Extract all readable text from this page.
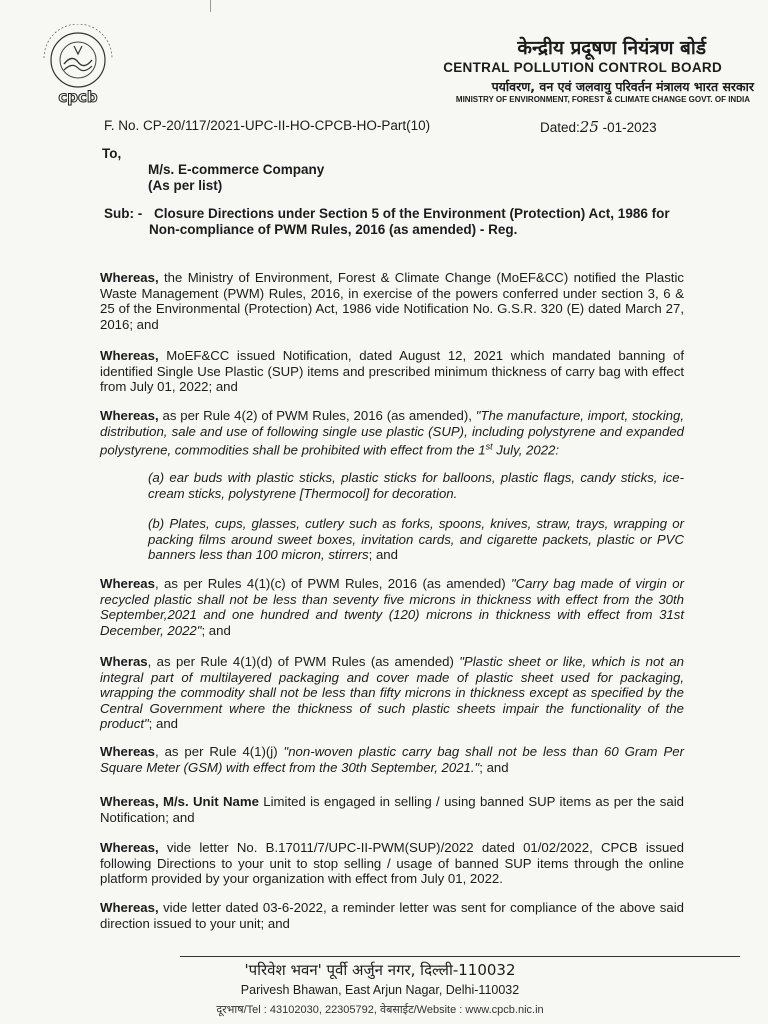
cpcb
केन्द्रीय प्रदूषण नियंत्रण बोर्ड
CENTRAL POLLUTION CONTROL BOARD
पर्यावरण, वन एवं जलवायु परिवर्तन मंत्रालय भारत सरकार
MINISTRY OF ENVIRONMENT, FOREST & CLIMATE CHANGE GOVT. OF INDIA
F. No. CP-20/117/2021-UPC-II-HO-CPCB-HO-Part(10)	Dated:25 -01-2023
To,
M/s. E-commerce Company
(As per list)
Sub: - Closure Directions under Section 5 of the Environment (Protection) Act, 1986 for
Non-compliance of PWM Rules, 2016 (as amended) - Reg.
Whereas, the Ministry of Environment, Forest & Climate Change (MoEF&CC) notified the Plastic Waste Management (PWM) Rules, 2016, in exercise of the powers conferred under section 3, 6 & 25 of the Environmental (Protection) Act, 1986 vide Notification No. G.S.R. 320 (E) dated March 27, 2016; and
Whereas, MoEF&CC issued Notification, dated August 12, 2021 which mandated banning of identified Single Use Plastic (SUP) items and prescribed minimum thickness of carry bag with effect from July 01, 2022; and
Whereas, as per Rule 4(2) of PWM Rules, 2016 (as amended), "The manufacture, import, stocking, distribution, sale and use of following single use plastic (SUP), including polystyrene and expanded polystyrene, commodities shall be prohibited with effect from the 1st July, 2022:
(a) ear buds with plastic sticks, plastic sticks for balloons, plastic flags, candy sticks, ice-cream sticks, polystyrene [Thermocol] for decoration.
(b) Plates, cups, glasses, cutlery such as forks, spoons, knives, straw, trays, wrapping or packing films around sweet boxes, invitation cards, and cigarette packets, plastic or PVC banners less than 100 micron, stirrers; and
Whereas, as per Rules 4(1)(c) of PWM Rules, 2016 (as amended) "Carry bag made of virgin or recycled plastic shall not be less than seventy five microns in thickness with effect from the 30th September,2021 and one hundred and twenty (120) microns in thickness with effect from 31st December, 2022"; and
Wheras, as per Rule 4(1)(d) of PWM Rules (as amended) "Plastic sheet or like, which is not an integral part of multilayered packaging and cover made of plastic sheet used for packaging, wrapping the commodity shall not be less than fifty microns in thickness except as specified by the Central Government where the thickness of such plastic sheets impair the functionality of the product"; and
Whereas, as per Rule 4(1)(j) "non-woven plastic carry bag shall not be less than 60 Gram Per Square Meter (GSM) with effect from the 30th September, 2021."; and
Whereas, M/s. Unit Name Limited is engaged in selling / using banned SUP items as per the said Notification; and
Whereas, vide letter No. B.17011/7/UPC-II-PWM(SUP)/2022 dated 01/02/2022, CPCB issued following Directions to your unit to stop selling / usage of banned SUP items through the online platform provided by your organization with effect from July 01, 2022.
Whereas, vide letter dated 03-6-2022, a reminder letter was sent for compliance of the above said direction issued to your unit; and
'परिवेश भवन' पूर्वी अर्जुन नगर, दिल्ली-110032
Parivesh Bhawan, East Arjun Nagar, Delhi-110032
दूरभाष/Tel : 43102030, 22305792, वेबसाईट/Website : www.cpcb.nic.in
